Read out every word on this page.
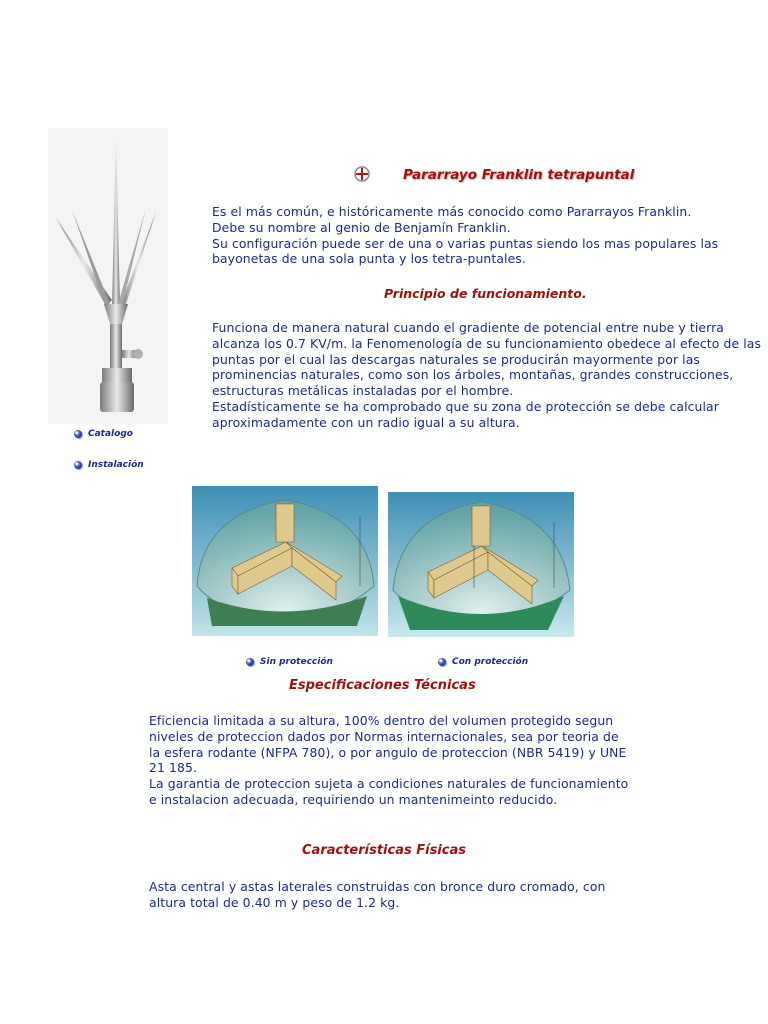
Pararrayo Franklin tetrapuntal
Es el más común, e históricamente más conocido como Pararrayos Franklin.
Debe su nombre al genio de Benjamín Franklin.
Su configuración puede ser de una o varias puntas siendo los mas populares las bayonetas de una sola punta y los tetra-puntales.
Principio de funcionamiento.
Funciona de manera natural cuando el gradiente de potencial entre nube y tierra alcanza los 0.7 KV/m. la Fenomenología de su funcionamiento obedece al efecto de las puntas por el cual las descargas naturales se producirán mayormente por las prominencias naturales, como son los árboles, montañas, grandes construcciones, estructuras metálicas instaladas por el hombre.
Estadísticamente se ha comprobado que su zona de protección se debe calcular aproximadamente con un radio igual a su altura.
Catalogo
Instalación
Sin protección	Con protección
Especificaciones Técnicas
Eficiencia limitada a su altura, 100% dentro del volumen protegido segun niveles de proteccion dados por Normas internacionales, sea por teoria de la esfera rodante (NFPA 780), o por angulo de proteccion (NBR 5419) y UNE 21 185.
La garantia de proteccion sujeta a condiciones naturales de funcionamiento e instalacion adecuada, requiriendo un mantenimeinto reducido.
Características Físicas
Asta central y astas laterales construidas con bronce duro cromado, con altura total de 0.40 m y peso de 1.2 kg.
